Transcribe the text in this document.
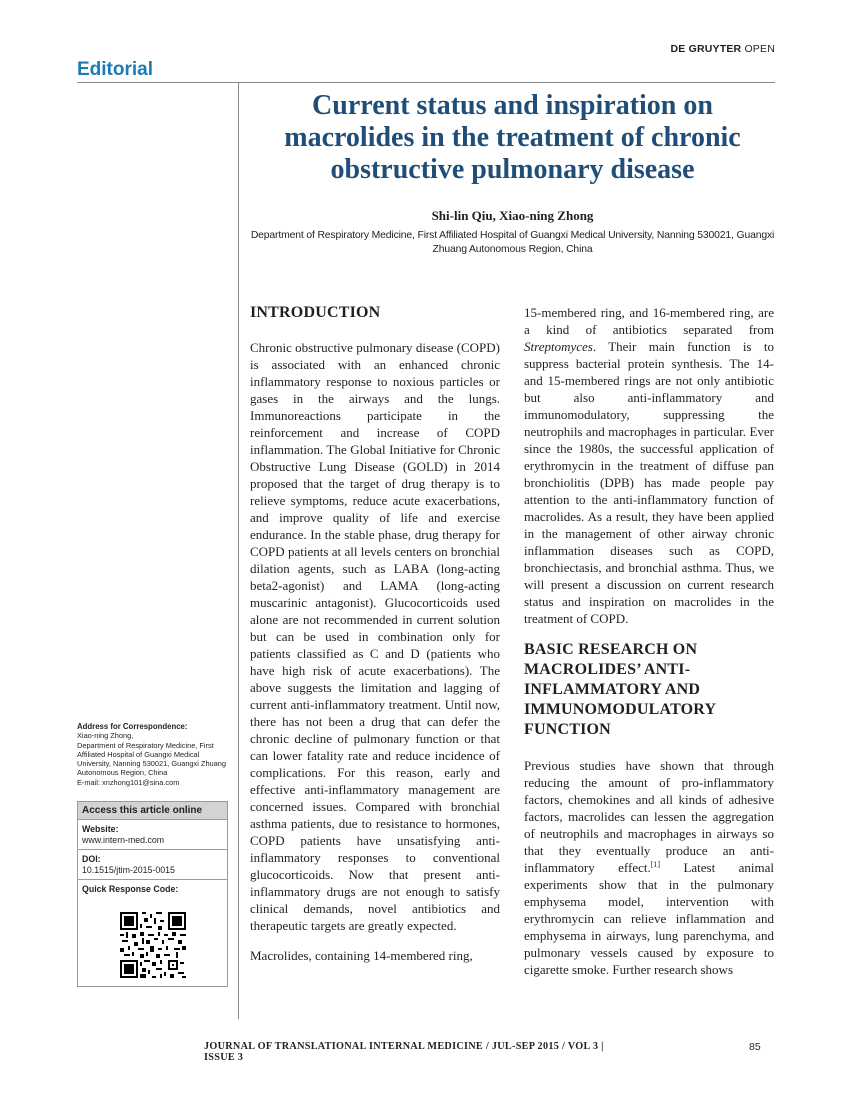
DE GRUYTER OPEN
Editorial
Current status and inspiration on macrolides in the treatment of chronic obstructive pulmonary disease
Shi-lin Qiu, Xiao-ning Zhong
Department of Respiratory Medicine, First Affiliated Hospital of Guangxi Medical University, Nanning 530021, Guangxi Zhuang Autonomous Region, China
INTRODUCTION

Chronic obstructive pulmonary disease (COPD) is associated with an enhanced chronic inflammatory response to noxious particles or gases in the airways and the lungs. Immunoreactions participate in the reinforcement and increase of COPD inflammation. The Global Initiative for Chronic Obstructive Lung Disease (GOLD) in 2014 proposed that the target of drug therapy is to relieve symptoms, reduce acute exacerbations, and improve quality of life and exercise endurance. In the stable phase, drug therapy for COPD patients at all levels centers on bronchial dilation agents, such as LABA (long-acting beta2-agonist) and LAMA (long-acting muscarinic antagonist). Glucocorticoids used alone are not recommended in current solution but can be used in combination only for patients classified as C and D (patients who have high risk of acute exacerbations). The above suggests the limitation and lagging of current anti-inflammatory treatment. Until now, there has not been a drug that can defer the chronic decline of pulmonary function or that can lower fatality rate and reduce incidence of complications. For this reason, early and effective anti-inflammatory management are concerned issues. Compared with bronchial asthma patients, due to resistance to hormones, COPD patients have unsatisfying anti-inflammatory responses to conventional glucocorticoids. Now that present anti-inflammatory drugs are not enough to satisfy clinical demands, novel antibiotics and therapeutic targets are greatly expected.

Macrolides, containing 14-membered ring,

15-membered ring, and 16-membered ring, are a kind of antibiotics separated from Streptomyces. Their main function is to suppress bacterial protein synthesis. The 14- and 15-membered rings are not only antibiotic but also anti-inflammatory and immunomodulatory, suppressing the neutrophils and macrophages in particular. Ever since the 1980s, the successful application of erythromycin in the treatment of diffuse pan bronchiolitis (DPB) has made people pay attention to the anti-inflammatory function of macrolides. As a result, they have been applied in the management of other airway chronic inflammation diseases such as COPD, bronchiectasis, and bronchial asthma. Thus, we will present a discussion on current research status and inspiration on macrolides in the treatment of COPD.

BASIC RESEARCH ON MACROLIDES’ ANTI-INFLAMMATORY AND IMMUNOMODULATORY FUNCTION

Previous studies have shown that through reducing the amount of pro-inflammatory factors, chemokines and all kinds of adhesive factors, macrolides can lessen the aggregation of neutrophils and macrophages in airways so that they eventually produce an anti-inflammatory effect.[1] Latest animal experiments show that in the pulmonary emphysema model, intervention with erythromycin can relieve inflammation and emphysema in airways, lung parenchyma, and pulmonary vessels caused by exposure to cigarette smoke. Further research shows

Address for Correspondence:
Xiao-ning Zhong,
Department of Respiratory Medicine, First Affiliated Hospital of Guangxi Medical University, Nanning 530021, Guangxi Zhuang Autonomous Region, China
E-mail: xnzhong101@sina.com
Access this article online
Website:
www.intern-med.com
DOI:
10.1515/jtim-2015-0015
Quick Response Code:
JOURNAL OF TRANSLATIONAL INTERNAL MEDICINE / JUL-SEP 2015 / VOL 3 | ISSUE 3
85
